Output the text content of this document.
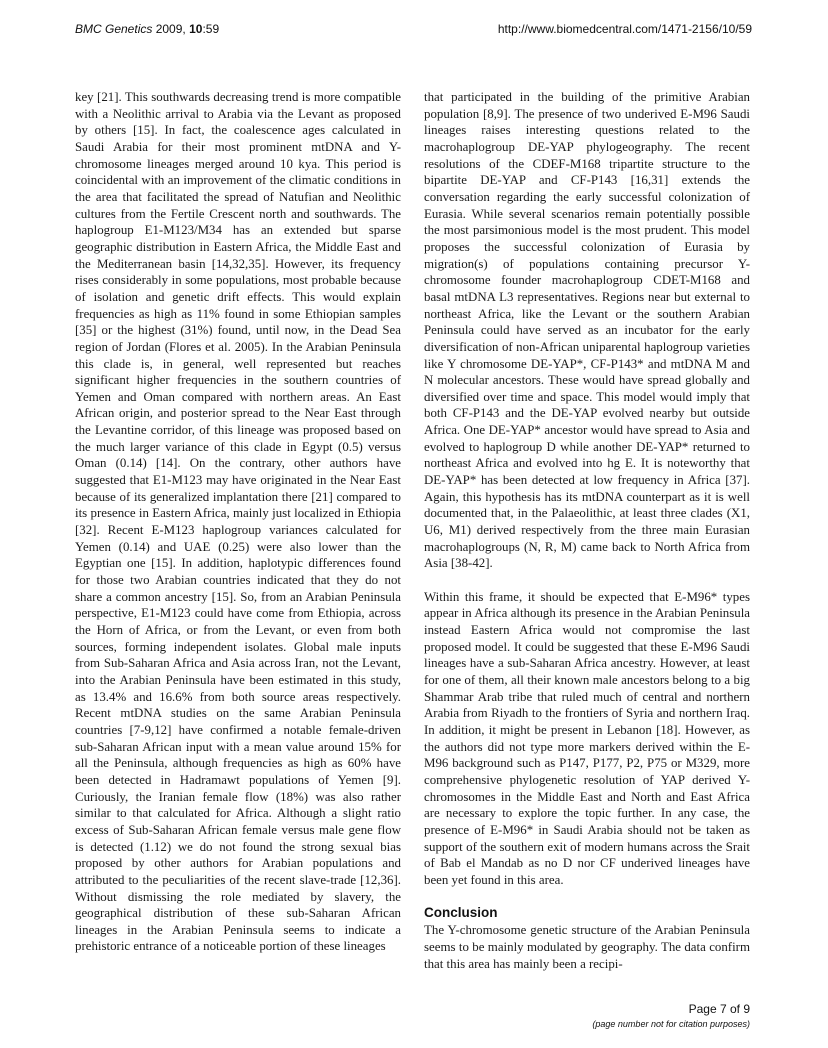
BMC Genetics 2009, 10:59	http://www.biomedcentral.com/1471-2156/10/59

key [21]. This southwards decreasing trend is more compatible with a Neolithic arrival to Arabia via the Levant as proposed by others [15]. In fact, the coalescence ages calculated in Saudi Arabia for their most prominent mtDNA and Y-chromosome lineages merged around 10 kya. This period is coincidental with an improvement of the climatic conditions in the area that facilitated the spread of Natufian and Neolithic cultures from the Fertile Crescent north and southwards. The haplogroup E1-M123/M34 has an extended but sparse geographic distribution in Eastern Africa, the Middle East and the Mediterranean basin [14,32,35]. However, its frequency rises considerably in some populations, most probable because of isolation and genetic drift effects. This would explain frequencies as high as 11% found in some Ethiopian samples [35] or the highest (31%) found, until now, in the Dead Sea region of Jordan (Flores et al. 2005). In the Arabian Peninsula this clade is, in general, well represented but reaches significant higher frequencies in the southern countries of Yemen and Oman compared with northern areas. An East African origin, and posterior spread to the Near East through the Levantine corridor, of this lineage was proposed based on the much larger variance of this clade in Egypt (0.5) versus Oman (0.14) [14]. On the contrary, other authors have suggested that E1-M123 may have originated in the Near East because of its generalized implantation there [21] compared to its presence in Eastern Africa, mainly just localized in Ethiopia [32]. Recent E-M123 haplogroup variances calculated for Yemen (0.14) and UAE (0.25) were also lower than the Egyptian one [15]. In addition, haplotypic differences found for those two Arabian countries indicated that they do not share a common ancestry [15]. So, from an Arabian Peninsula perspective, E1-M123 could have come from Ethiopia, across the Horn of Africa, or from the Levant, or even from both sources, forming independent isolates. Global male inputs from Sub-Saharan Africa and Asia across Iran, not the Levant, into the Arabian Peninsula have been estimated in this study, as 13.4% and 16.6% from both source areas respectively. Recent mtDNA studies on the same Arabian Peninsula countries [7-9,12] have confirmed a notable female-driven sub-Saharan African input with a mean value around 15% for all the Peninsula, although frequencies as high as 60% have been detected in Hadramawt populations of Yemen [9]. Curiously, the Iranian female flow (18%) was also rather similar to that calculated for Africa. Although a slight ratio excess of Sub-Saharan African female versus male gene flow is detected (1.12) we do not found the strong sexual bias proposed by other authors for Arabian populations and attributed to the peculiarities of the recent slave-trade [12,36]. Without dismissing the role mediated by slavery, the geographical distribution of these sub-Saharan African lineages in the Arabian Peninsula seems to indicate a prehistoric entrance of a noticeable portion of these lineages

that participated in the building of the primitive Arabian population [8,9]. The presence of two underived E-M96 Saudi lineages raises interesting questions related to the macrohaplogroup DE-YAP phylogeography. The recent resolutions of the CDEF-M168 tripartite structure to the bipartite DE-YAP and CF-P143 [16,31] extends the conversation regarding the early successful colonization of Eurasia. While several scenarios remain potentially possible the most parsimonious model is the most prudent. This model proposes the successful colonization of Eurasia by migration(s) of populations containing precursor Y-chromosome founder macrohaplogroup CDET-M168 and basal mtDNA L3 representatives. Regions near but external to northeast Africa, like the Levant or the southern Arabian Peninsula could have served as an incubator for the early diversification of non-African uniparental haplogroup varieties like Y chromosome DE-YAP*, CF-P143* and mtDNA M and N molecular ancestors. These would have spread globally and diversified over time and space. This model would imply that both CF-P143 and the DE-YAP evolved nearby but outside Africa. One DE-YAP* ancestor would have spread to Asia and evolved to haplogroup D while another DE-YAP* returned to northeast Africa and evolved into hg E. It is noteworthy that DE-YAP* has been detected at low frequency in Africa [37]. Again, this hypothesis has its mtDNA counterpart as it is well documented that, in the Palaeolithic, at least three clades (X1, U6, M1) derived respectively from the three main Eurasian macrohaplogroups (N, R, M) came back to North Africa from Asia [38-42].

Within this frame, it should be expected that E-M96* types appear in Africa although its presence in the Arabian Peninsula instead Eastern Africa would not compromise the last proposed model. It could be suggested that these E-M96 Saudi lineages have a sub-Saharan Africa ancestry. However, at least for one of them, all their known male ancestors belong to a big Shammar Arab tribe that ruled much of central and northern Arabia from Riyadh to the frontiers of Syria and northern Iraq. In addition, it might be present in Lebanon [18]. However, as the authors did not type more markers derived within the E-M96 background such as P147, P177, P2, P75 or M329, more comprehensive phylogenetic resolution of YAP derived Y-chromosomes in the Middle East and North and East Africa are necessary to explore the topic further. In any case, the presence of E-M96* in Saudi Arabia should not be taken as support of the southern exit of modern humans across the Srait of Bab el Mandab as no D nor CF underived lineages have been yet found in this area.

Conclusion

The Y-chromosome genetic structure of the Arabian Peninsula seems to be mainly modulated by geography. The data confirm that this area has mainly been a recipi-

Page 7 of 9
(page number not for citation purposes)
